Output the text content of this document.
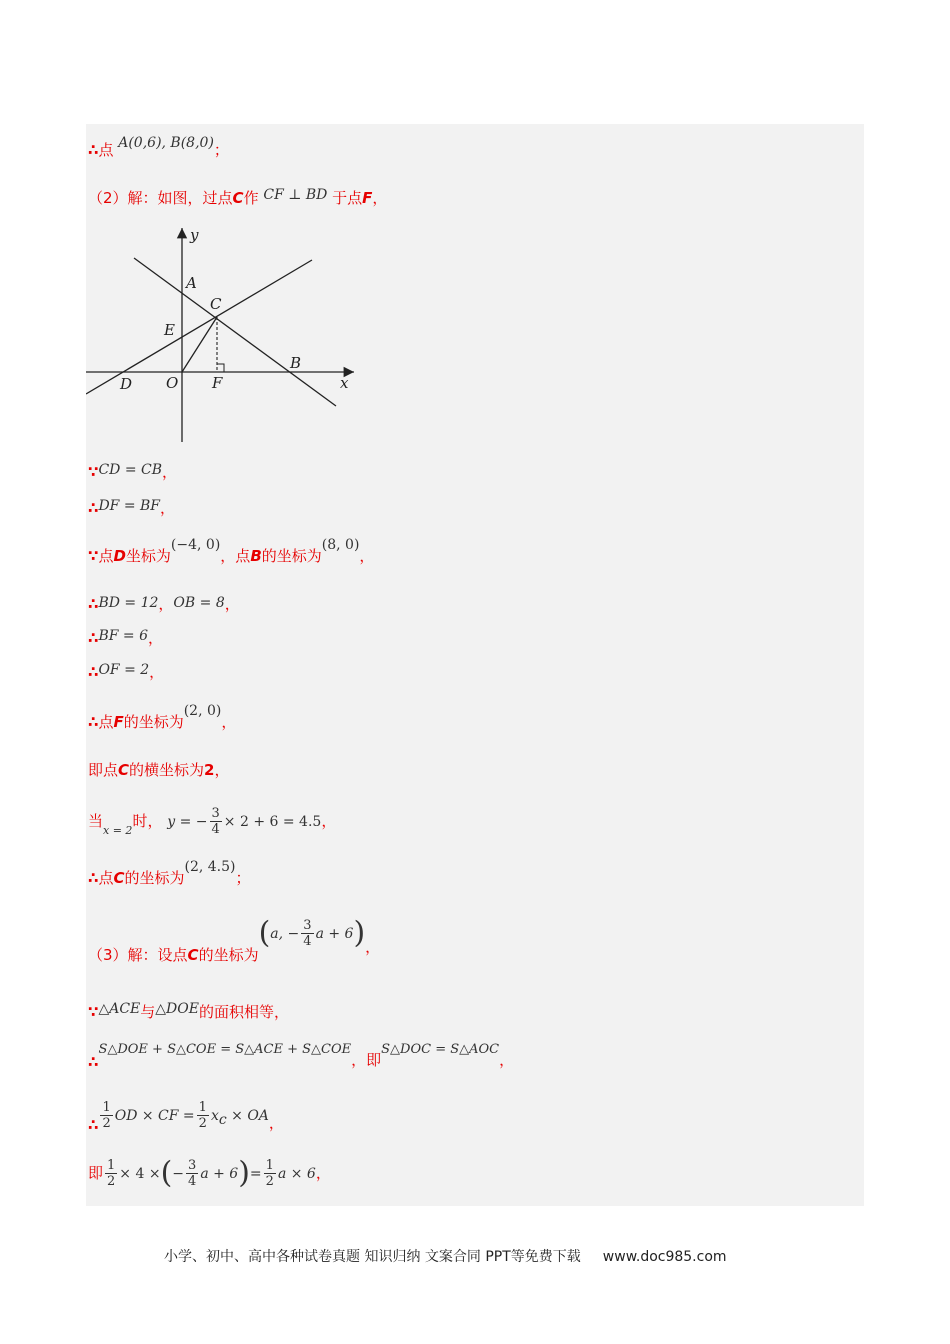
∴点 A(0,6), B(8,0)；
（2）解：如图，过点C作 CF ⊥ BD 于点F，
y
x
A
C
E
B
D O F
∵CD = CB，
∴DF = BF，
∵点D坐标为(−4, 0)，点B的坐标为(8, 0)，
∴BD = 12，OB = 8，
∴BF = 6，
∴OF = 2，
∴点F的坐标为(2, 0)，
即点C的横坐标为2，
当$_{x = 2}$时， y = − $\frac{3}{4} \times 2 + 6 = 4.5$，
∴点C的坐标为(2, 4.5)；
（3）解：设点C的坐标为(a, − $\frac{3}{4}$ a + 6)，
∵△ACE与△DOE的面积相等，
∴S△DOE + S△COE = S△ACE + S△COE，即S△DOC = S△AOC，
∴ $\frac{1}{2}$ OD × CF = $\frac{1}{2} x_c$ × OA，
即 $\frac{1}{2} \times 4$ ×(− $\frac{3}{4}$ $a + 6)= \frac{1}{2}$ a × 6，
小学、初中、高中各种试卷真题 知识归纳 文案合同 PPT等免费下载 www.doc985.com
